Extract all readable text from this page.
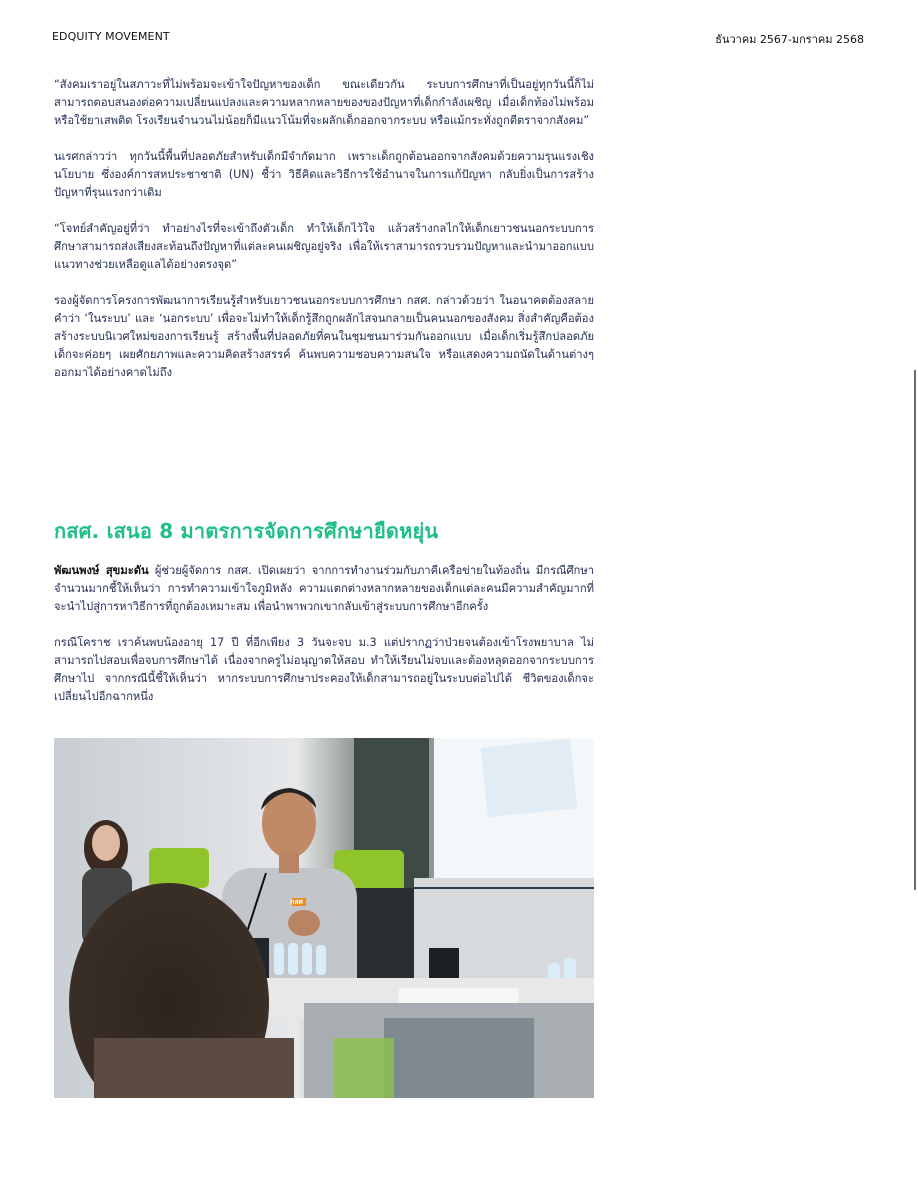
EDQUITY MOVEMENT	ธันวาคม 2567-มกราคม 2568

“สังคมเราอยู่ในสภาวะที่ไม่พร้อมจะเข้าใจปัญหาของเด็ก ขณะเดียวกัน ระบบการศึกษาที่เป็นอยู่ทุกวันนี้ก็ไม่สามารถตอบสนองต่อความเปลี่ยนแปลงและความหลากหลายของของปัญหาที่เด็กกำลังเผชิญ เมื่อเด็กท้องไม่พร้อม หรือใช้ยาเสพติด โรงเรียนจำนวนไม่น้อยก็มีแนวโน้มที่จะผลักเด็กออกจากระบบ หรือแม้กระทั่งถูกตีตราจากสังคม”

นเรศกล่าวว่า ทุกวันนี้พื้นที่ปลอดภัยสำหรับเด็กมีจำกัดมาก เพราะเด็กถูกต้อนออกจากสังคมด้วยความรุนแรงเชิงนโยบาย ซึ่งองค์การสหประชาชาติ (UN) ชี้ว่า วิธีคิดและวิธีการใช้อำนาจในการแก้ปัญหา กลับยิ่งเป็นการสร้างปัญหาที่รุนแรงกว่าเดิม

“โจทย์สำคัญอยู่ที่ว่า ทำอย่างไรที่จะเข้าถึงตัวเด็ก ทำให้เด็กไว้ใจ แล้วสร้างกลไกให้เด็กเยาวชนนอกระบบการศึกษาสามารถส่งเสียงสะท้อนถึงปัญหาที่แต่ละคนเผชิญอยู่จริง เพื่อให้เราสามารถรวบรวมปัญหาและนำมาออกแบบแนวทางช่วยเหลือดูแลได้อย่างตรงจุด”

รองผู้จัดการโครงการพัฒนาการเรียนรู้สำหรับเยาวชนนอกระบบการศึกษา กสศ. กล่าวด้วยว่า ในอนาคตต้องสลายคำว่า ‘ในระบบ’ และ ‘นอกระบบ’ เพื่อจะไม่ทำให้เด็กรู้สึกถูกผลักไสจนกลายเป็นคนนอกของสังคม สิ่งสำคัญคือต้องสร้างระบบนิเวศใหม่ของการเรียนรู้ สร้างพื้นที่ปลอดภัยที่คนในชุมชนมาร่วมกันออกแบบ เมื่อเด็กเริ่มรู้สึกปลอดภัย เด็กจะค่อยๆ เผยศักยภาพและความคิดสร้างสรรค์ ค้นพบความชอบความสนใจ หรือแสดงความถนัดในด้านต่างๆ ออกมาได้อย่างคาดไม่ถึง

กสศ. เสนอ 8 มาตรการจัดการศึกษายืดหยุ่น

พัฒนพงษ์ สุขมะดัน ผู้ช่วยผู้จัดการ กสศ. เปิดเผยว่า จากการทำงานร่วมกับภาคีเครือข่ายในท้องถิ่น มีกรณีศึกษาจำนวนมากชี้ให้เห็นว่า การทำความเข้าใจภูมิหลัง ความแตกต่างหลากหลายของเด็กแต่ละคนมีความสำคัญมากที่จะนำไปสู่การหาวิธีการที่ถูกต้องเหมาะสม เพื่อนำพาพวกเขากลับเข้าสู่ระบบการศึกษาอีกครั้ง

กรณีโคราช เราค้นพบน้องอายุ 17 ปี ที่อีกเพียง 3 วันจะจบ ม.3 แต่ปรากฏว่าป่วยจนต้องเข้าโรงพยาบาล ไม่สามารถไปสอบเพื่อจบการศึกษาได้ เนื่องจากครูไม่อนุญาตให้สอบ ทำให้เรียนไม่จบและต้องหลุดออกจากระบบการศึกษาไป จากกรณีนี้ชี้ให้เห็นว่า หากระบบการศึกษาประคองให้เด็กสามารถอยู่ในระบบต่อไปได้ ชีวิตของเด็กจะเปลี่ยนไปอีกฉากหนึ่ง

กสศ
